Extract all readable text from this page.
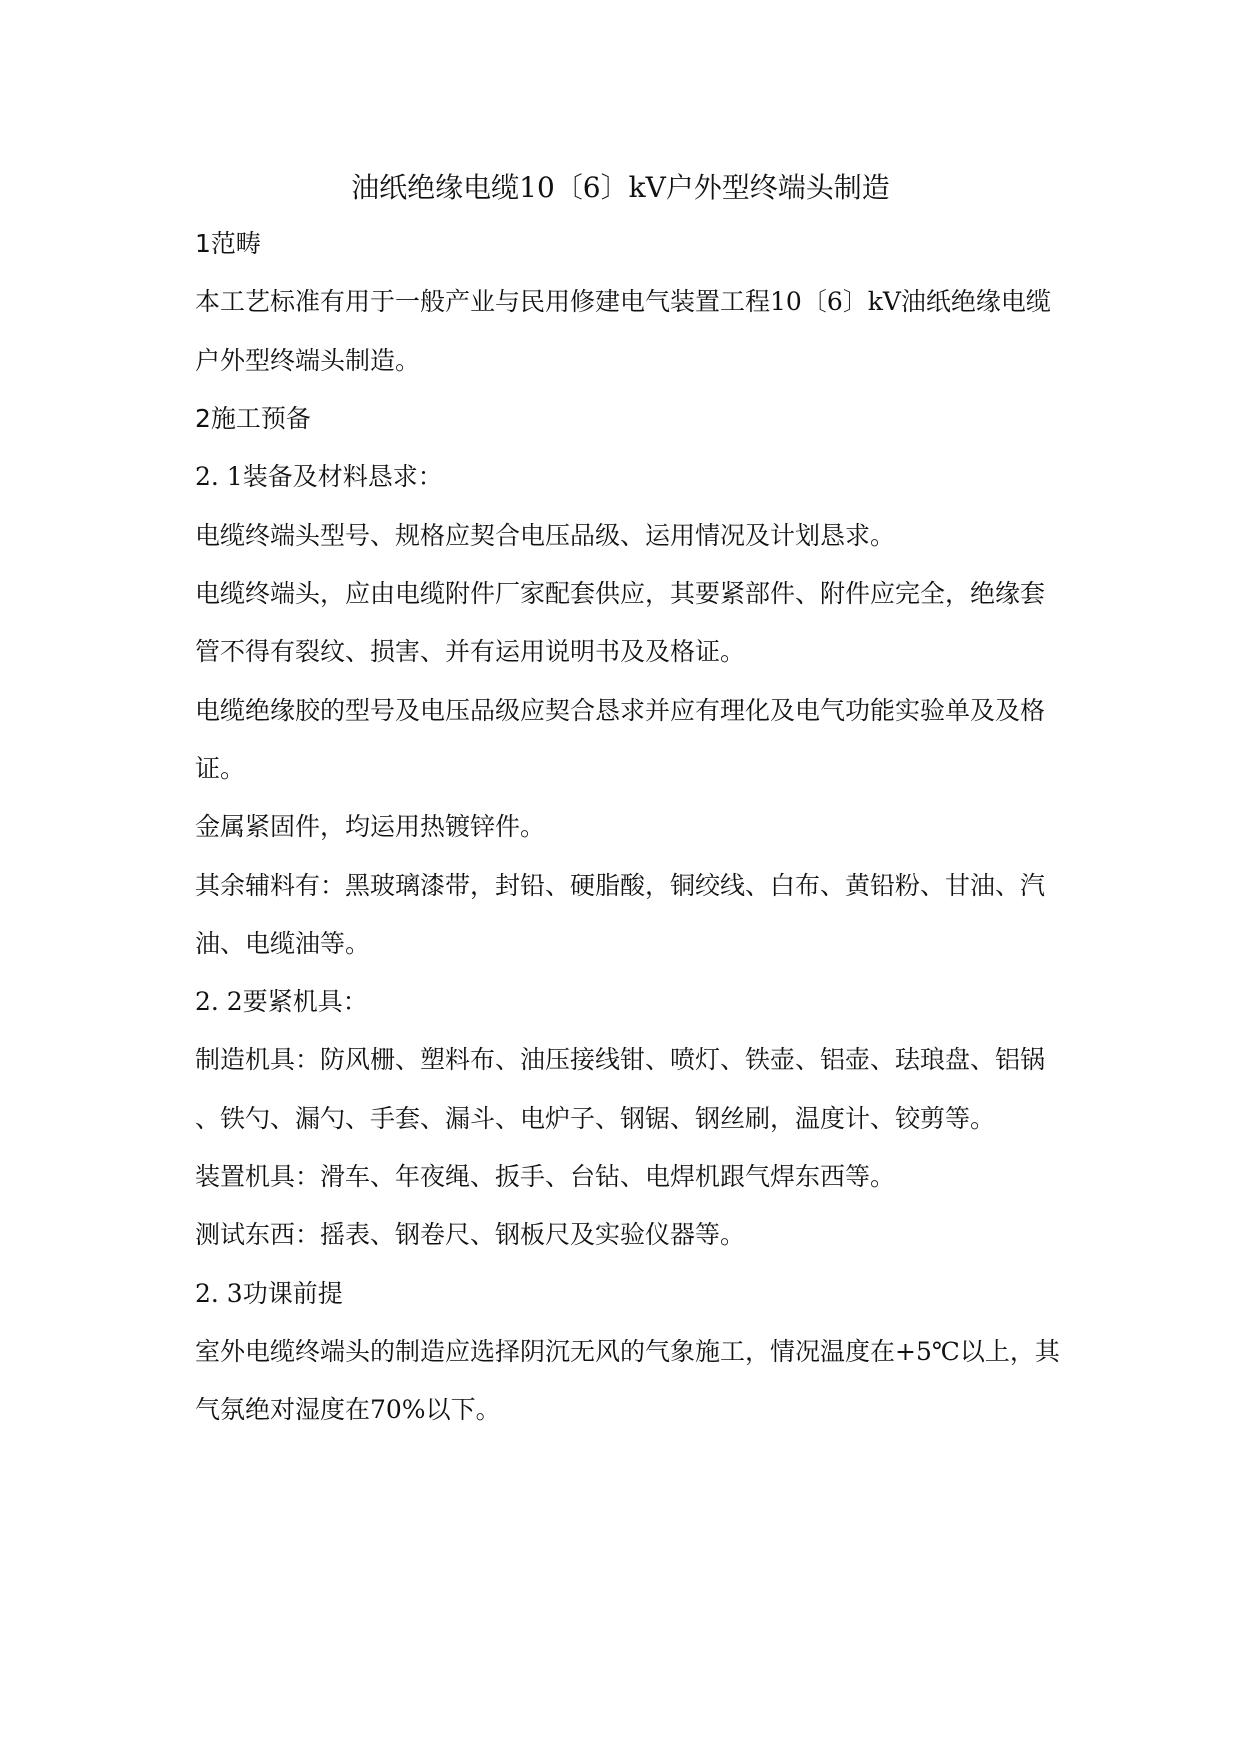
油纸绝缘电缆10〔6〕kV户外型终端头制造
1范畴
本工艺标准有用于一般产业与民用修建电气装置工程10〔6〕kV油纸绝缘电缆
户外型终端头制造。
2施工预备
2. 1装备及材料恳求：
电缆终端头型号、规格应契合电压品级、运用情况及计划恳求。
电缆终端头，应由电缆附件厂家配套供应，其要紧部件、附件应完全，绝缘套
管不得有裂纹、损害、并有运用说明书及及格证。
电缆绝缘胶的型号及电压品级应契合恳求并应有理化及电气功能实验单及及格
证。
金属紧固件，均运用热镀锌件。
其余辅料有：黑玻璃漆带，封铅、硬脂酸，铜绞线、白布、黄铅粉、甘油、汽
油、电缆油等。
2. 2要紧机具：
制造机具：防风栅、塑料布、油压接线钳、喷灯、铁壶、铝壶、珐琅盘、铝锅
、铁勺、漏勺、手套、漏斗、电炉子、钢锯、钢丝刷，温度计、铰剪等。
装置机具：滑车、年夜绳、扳手、台钻、电焊机跟气焊东西等。
测试东西：摇表、钢卷尺、钢板尺及实验仪器等。
2. 3功课前提
室外电缆终端头的制造应选择阴沉无风的气象施工，情况温度在+5℃以上，其
气氛绝对湿度在70%以下。
